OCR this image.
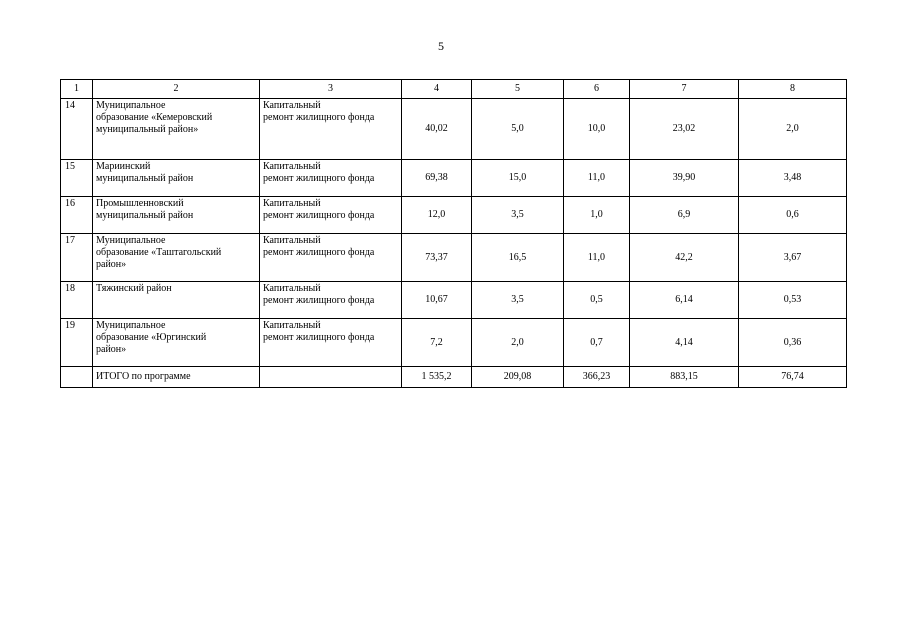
5
1	2	3	4	5	6	7	8
14	Муниципальное
образование «Кемеровский
муниципальный район»	Капитальный
ремонт жилищного фонда	40,02	5,0	10,0	23,02	2,0
15	Мариинский
муниципальный район	Капитальный
ремонт жилищного фонда	69,38	15,0	11,0	39,90	3,48
16	Промышленновский
муниципальный район	Капитальный
ремонт жилищного фонда	12,0	3,5	1,0	6,9	0,6
17	Муниципальное
образование «Таштагольский
район»	Капитальный
ремонт жилищного фонда	73,37	16,5	11,0	42,2	3,67
18	Тяжинский район	Капитальный
ремонт жилищного фонда	10,67	3,5	0,5	6,14	0,53
19	Муниципальное
образование «Юргинский
район»	Капитальный
ремонт жилищного фонда	7,2	2,0	0,7	4,14	0,36
	ИТОГО по программе		1 535,2	209,08	366,23	883,15	76,74
